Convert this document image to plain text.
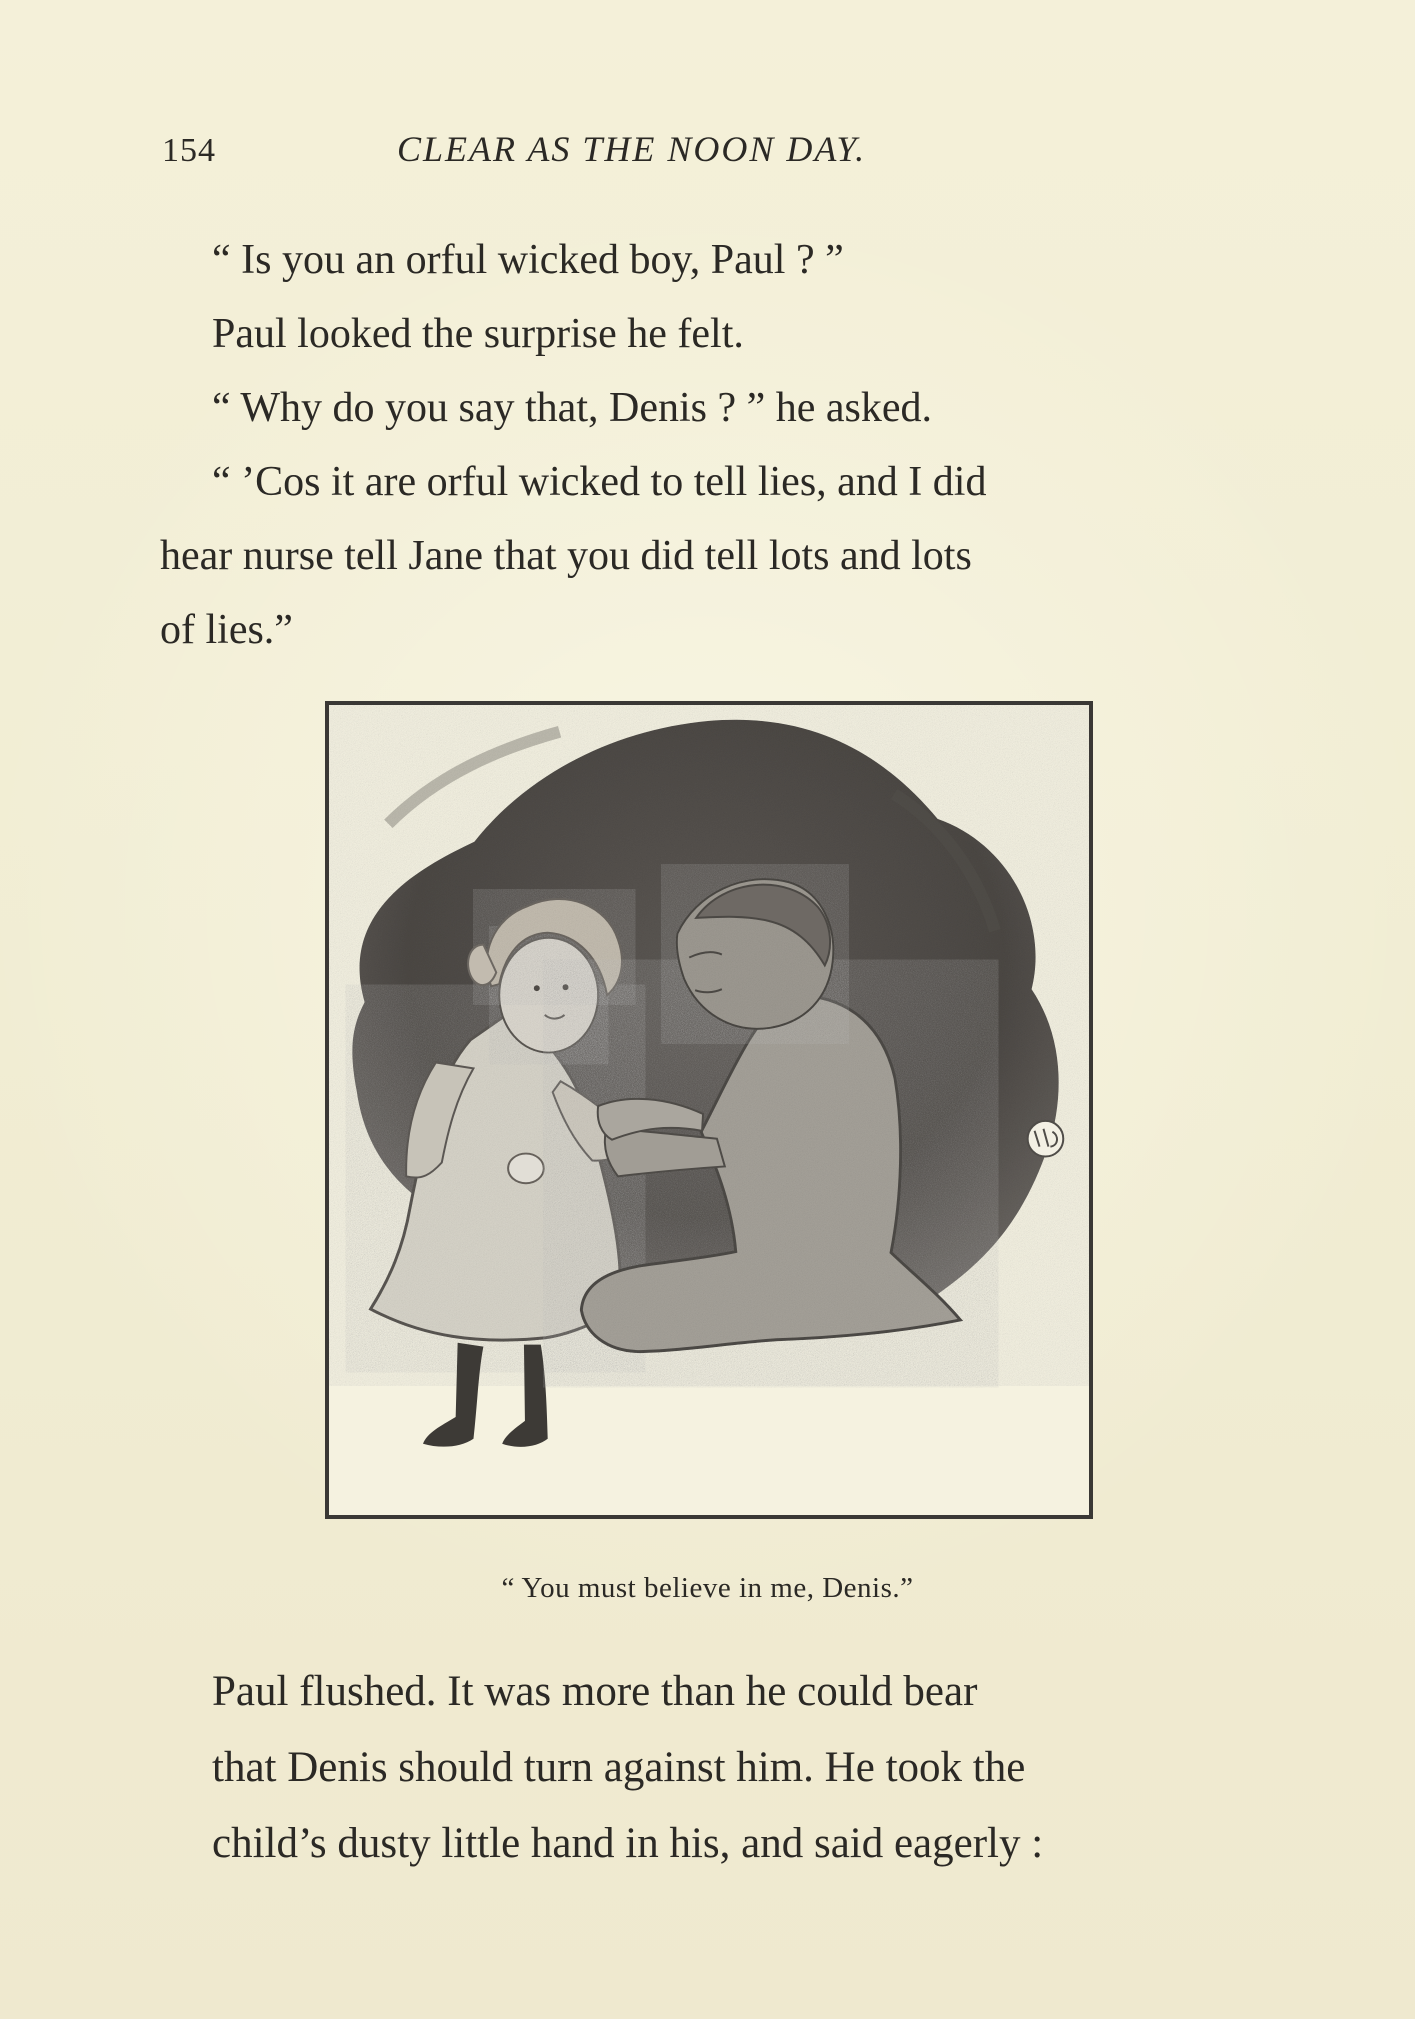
154	CLEAR AS THE NOON DAY.

“ Is you an orful wicked boy, Paul ? ”

Paul looked the surprise he felt.

“ Why do you say that, Denis ? ” he asked.

“ ’Cos it are orful wicked to tell lies, and I did

hear nurse tell Jane that you did tell lots and lots

of lies.”

“ You must believe in me, Denis.”

Paul flushed. It was more than he could bear

that Denis should turn against him. He took the

child’s dusty little hand in his, and said eagerly :
